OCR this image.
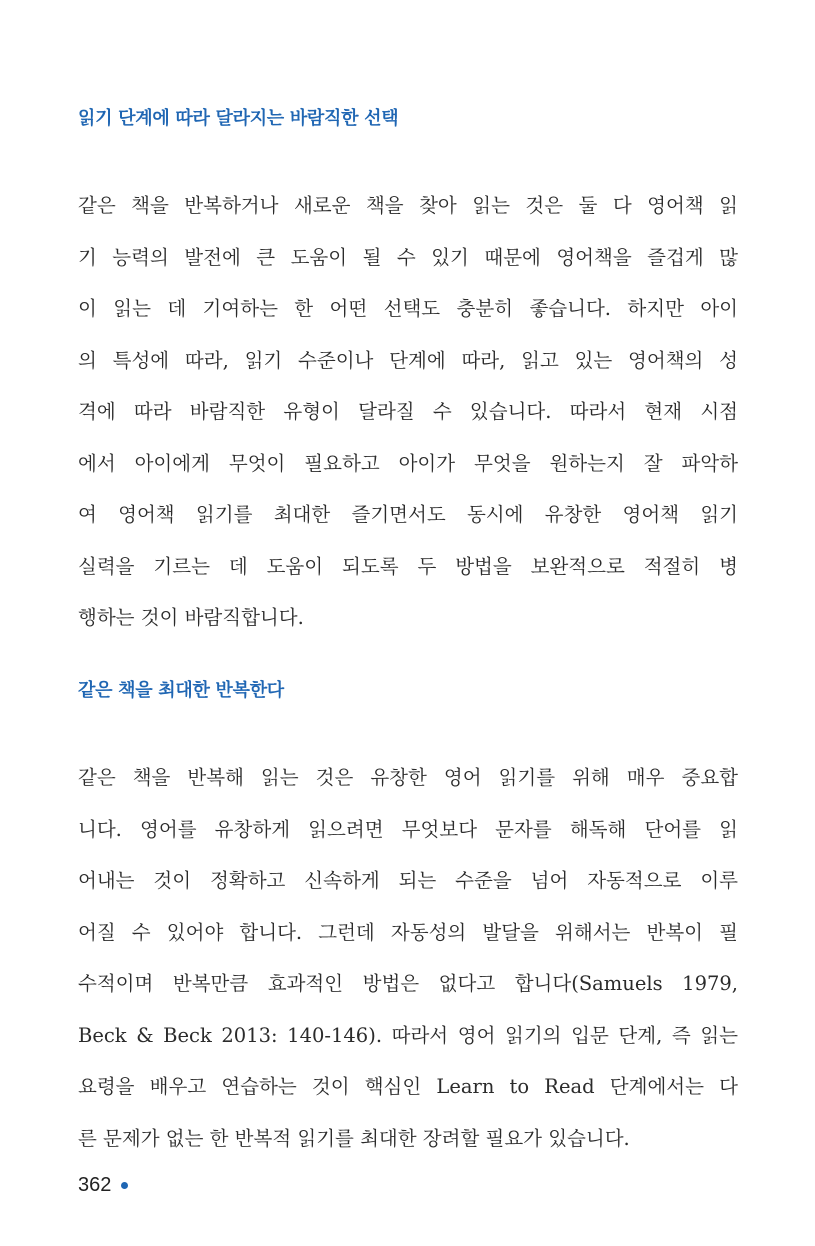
읽기 단계에 따라 달라지는 바람직한 선택
같은 책을 반복하거나 새로운 책을 찾아 읽는 것은 둘 다 영어책 읽
기 능력의 발전에 큰 도움이 될 수 있기 때문에 영어책을 즐겁게 많
이 읽는 데 기여하는 한 어떤 선택도 충분히 좋습니다. 하지만 아이
의 특성에 따라, 읽기 수준이나 단계에 따라, 읽고 있는 영어책의 성
격에 따라 바람직한 유형이 달라질 수 있습니다. 따라서 현재 시점
에서 아이에게 무엇이 필요하고 아이가 무엇을 원하는지 잘 파악하
여 영어책 읽기를 최대한 즐기면서도 동시에 유창한 영어책 읽기
실력을 기르는 데 도움이 되도록 두 방법을 보완적으로 적절히 병
행하는 것이 바람직합니다.
같은 책을 최대한 반복한다
같은 책을 반복해 읽는 것은 유창한 영어 읽기를 위해 매우 중요합
니다. 영어를 유창하게 읽으려면 무엇보다 문자를 해독해 단어를 읽
어내는 것이 정확하고 신속하게 되는 수준을 넘어 자동적으로 이루
어질 수 있어야 합니다. 그런데 자동성의 발달을 위해서는 반복이 필
수적이며 반복만큼 효과적인 방법은 없다고 합니다(Samuels 1979,
Beck & Beck 2013: 140-146). 따라서 영어 읽기의 입문 단계, 즉 읽는
요령을 배우고 연습하는 것이 핵심인 Learn to Read 단계에서는 다
른 문제가 없는 한 반복적 읽기를 최대한 장려할 필요가 있습니다.
362
